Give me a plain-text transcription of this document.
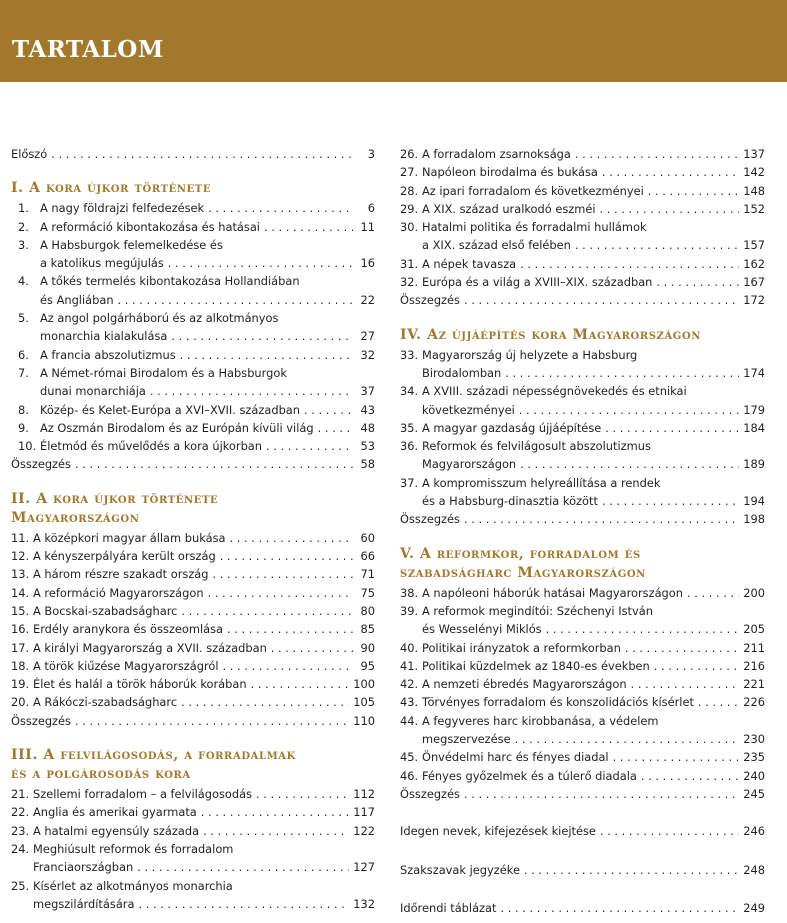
TARTALOM
Előszó . . .	3
I. A kora újkor története
1. A nagy földrajzi felfedezések . . .	6
2. A reformáció kibontakozása és hatásai . . .	11
3. A Habsburgok felemelkedése és
a katolikus megújulás . . .	16
4. A tőkés termelés kibontakozása Hollandiában
és Angliában . . .	22
5. Az angol polgárháború és az alkotmányos
monarchia kialakulása . . .	27
6. A francia abszolutizmus . . .	32
7. A Német-római Birodalom és a Habsburgok
dunai monarchiája . . .	37
8. Közép- és Kelet-Európa a XVI–XVII. században . . .	43
9. Az Oszmán Birodalom és az Európán kívüli világ . . .	48
10. Életmód és művelődés a kora újkorban . . .	53
Összegzés . . .	58
II. A kora újkor története
Magyarországon
11. A középkori magyar állam bukása . . .	60
12. A kényszerpályára került ország . . .	66
13. A három részre szakadt ország . . .	71
14. A reformáció Magyarországon . . .	75
15. A Bocskai-szabadságharc . . .	80
16. Erdély aranykora és összeomlása . . .	85
17. A királyi Magyarország a XVII. században . . .	90
18. A török kiűzése Magyarországról . . .	95
19. Élet és halál a török háborúk korában . . .	100
20. A Rákóczi-szabadságharc . . .	105
Összegzés . . .	110
III. A felvilágosodás, a forradalmak
és a polgárosodás kora
21. Szellemi forradalom – a felvilágosodás . . .	112
22. Anglia és amerikai gyarmata . . .	117
23. A hatalmi egyensúly százada . . .	122
24. Meghiúsult reformok és forradalom
Franciaországban . . .	127
25. Kísérlet az alkotmányos monarchia
megszilárdítására . . .	132
26. A forradalom zsarnoksága . . .	137
27. Napóleon birodalma és bukása . . .	142
28. Az ipari forradalom és következményei . . .	148
29. A XIX. század uralkodó eszméi . . .	152
30. Hatalmi politika és forradalmi hullámok
a XIX. század első felében . . .	157
31. A népek tavasza . . .	162
32. Európa és a világ a XVIII–XIX. században . . .	167
Összegzés . . .	172
IV. Az újjáépítés kora Magyarországon
33. Magyarország új helyzete a Habsburg
Birodalomban . . .	174
34. A XVIII. századi népességnövekedés és etnikai
következményei . . .	179
35. A magyar gazdaság újjáépítése . . .	184
36. Reformok és felvilágosult abszolutizmus
Magyarországon . . .	189
37. A kompromisszum helyreállítása a rendek
és a Habsburg-dinasztia között . . .	194
Összegzés . . .	198
V. A reformkor, forradalom és
szabadságharc Magyarországon
38. A napóleoni háborúk hatásai Magyarországon . . .	200
39. A reformok megindítói: Széchenyi István
és Wesselényi Miklós . . .	205
40. Politikai irányzatok a reformkorban . . .	211
41. Politikai küzdelmek az 1840-es években . . .	216
42. A nemzeti ébredés Magyarországon . . .	221
43. Törvényes forradalom és konszolidációs kísérlet . . .	226
44. A fegyveres harc kirobbanása, a védelem
megszervezése . . .	230
45. Önvédelmi harc és fényes diadal . . .	235
46. Fényes győzelmek és a túlerő diadala . . .	240
Összegzés . . .	245
Idegen nevek, kifejezések kiejtése . . .	246
Szakszavak jegyzéke . . .	248
Időrendi táblázat . . .	249
